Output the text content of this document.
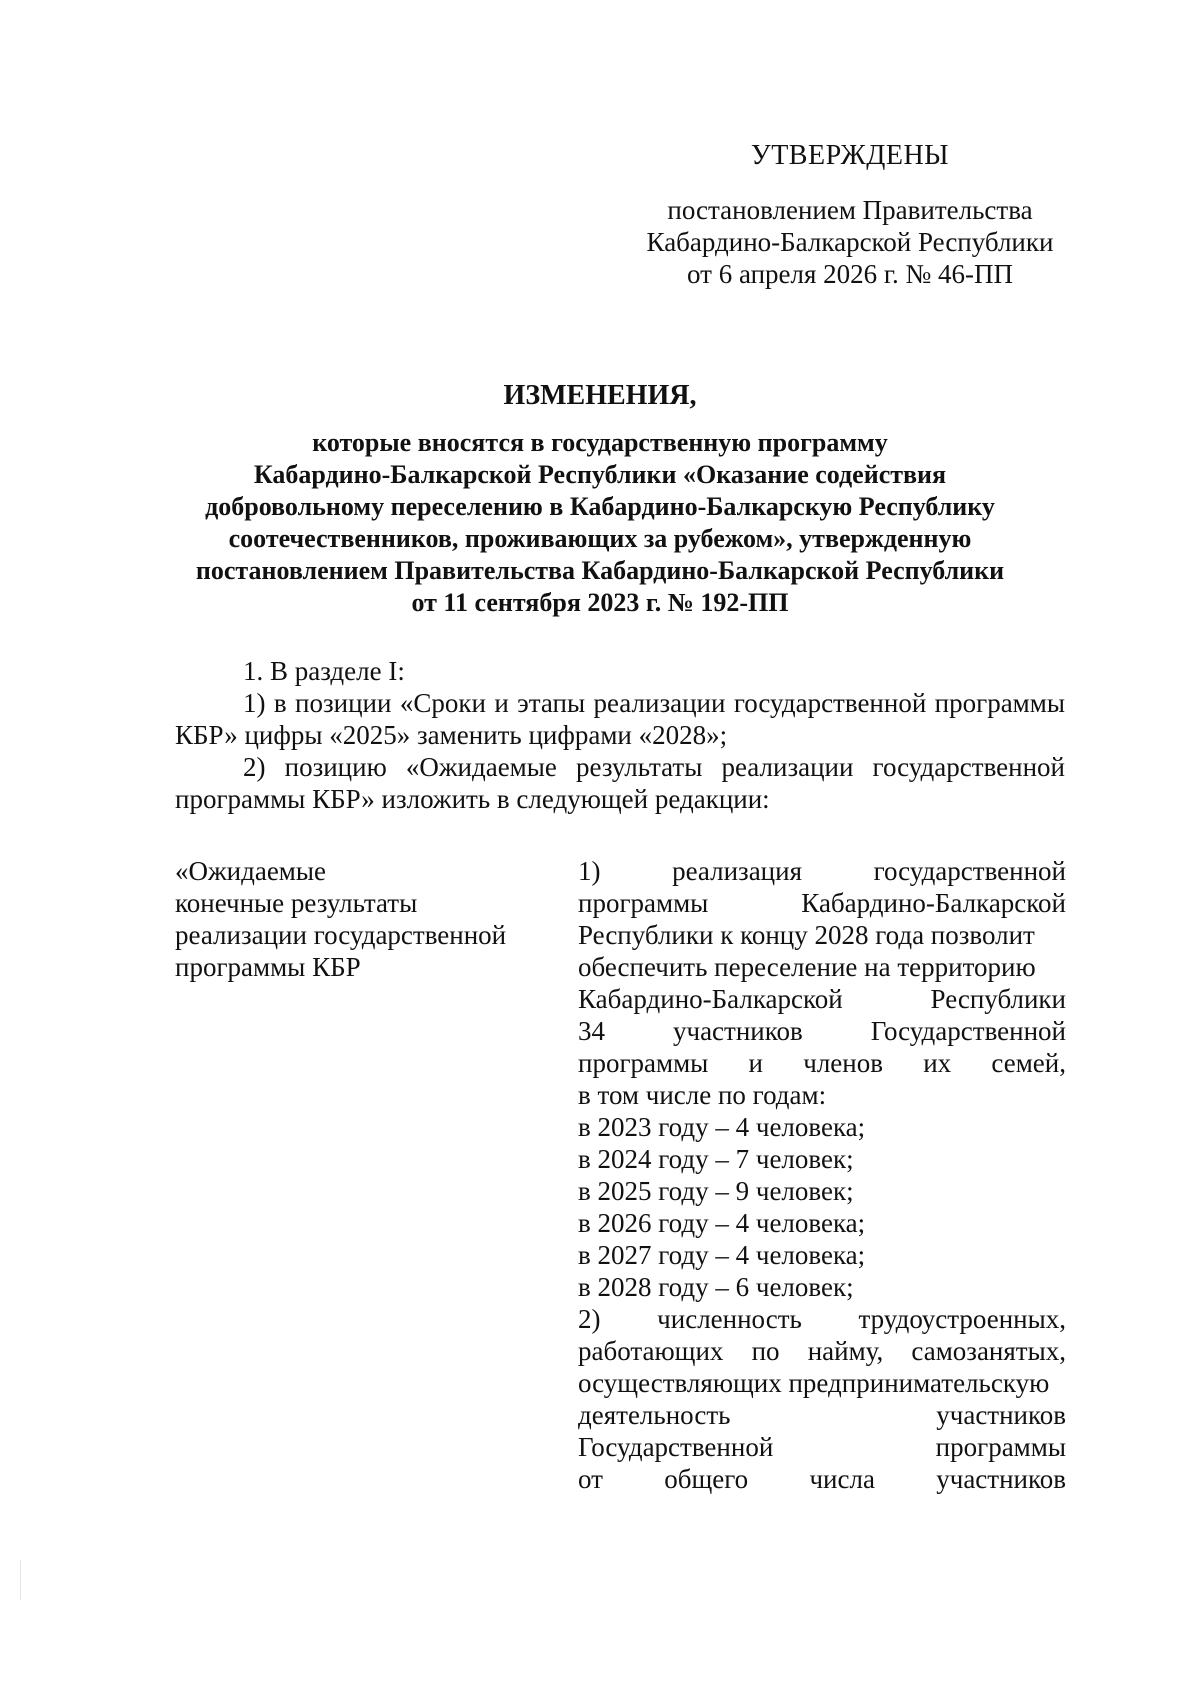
УТВЕРЖДЕНЫ
постановлением Правительства
Кабардино-Балкарской Республики
от 6 апреля 2026 г. № 46-ПП
ИЗМЕНЕНИЯ,
которые вносятся в государственную программу
Кабардино-Балкарской Республики «Оказание содействия
добровольному переселению в Кабардино-Балкарскую Республику
соотечественников, проживающих за рубежом», утвержденную
постановлением Правительства Кабардино-Балкарской Республики
от 11 сентября 2023 г. № 192-ПП

1. В разделе I:

1) в позиции «Сроки и этапы реализации государственной программы КБР» цифры «2025» заменить цифрами «2028»;

2) позицию «Ожидаемые результаты реализации государственной программы КБР» изложить в следующей редакции:

«Ожидаемые
конечные результаты
реализации государственной
программы КБР
1) реализация государственной
программы Кабардино-Балкарской
Республики к концу 2028 года позволит
обеспечить переселение на территорию
Кабардино-Балкарской Республики
34 участников Государственной
программы и членов их семей,
в том числе по годам:
в 2023 году – 4 человека;
в 2024 году – 7 человек;
в 2025 году – 9 человек;
в 2026 году – 4 человека;
в 2027 году – 4 человека;
в 2028 году – 6 человек;
2) численность трудоустроенных,
работающих по найму, самозанятых,
осуществляющих предпринимательскую
деятельность участников
Государственной программы
от общего числа участников
